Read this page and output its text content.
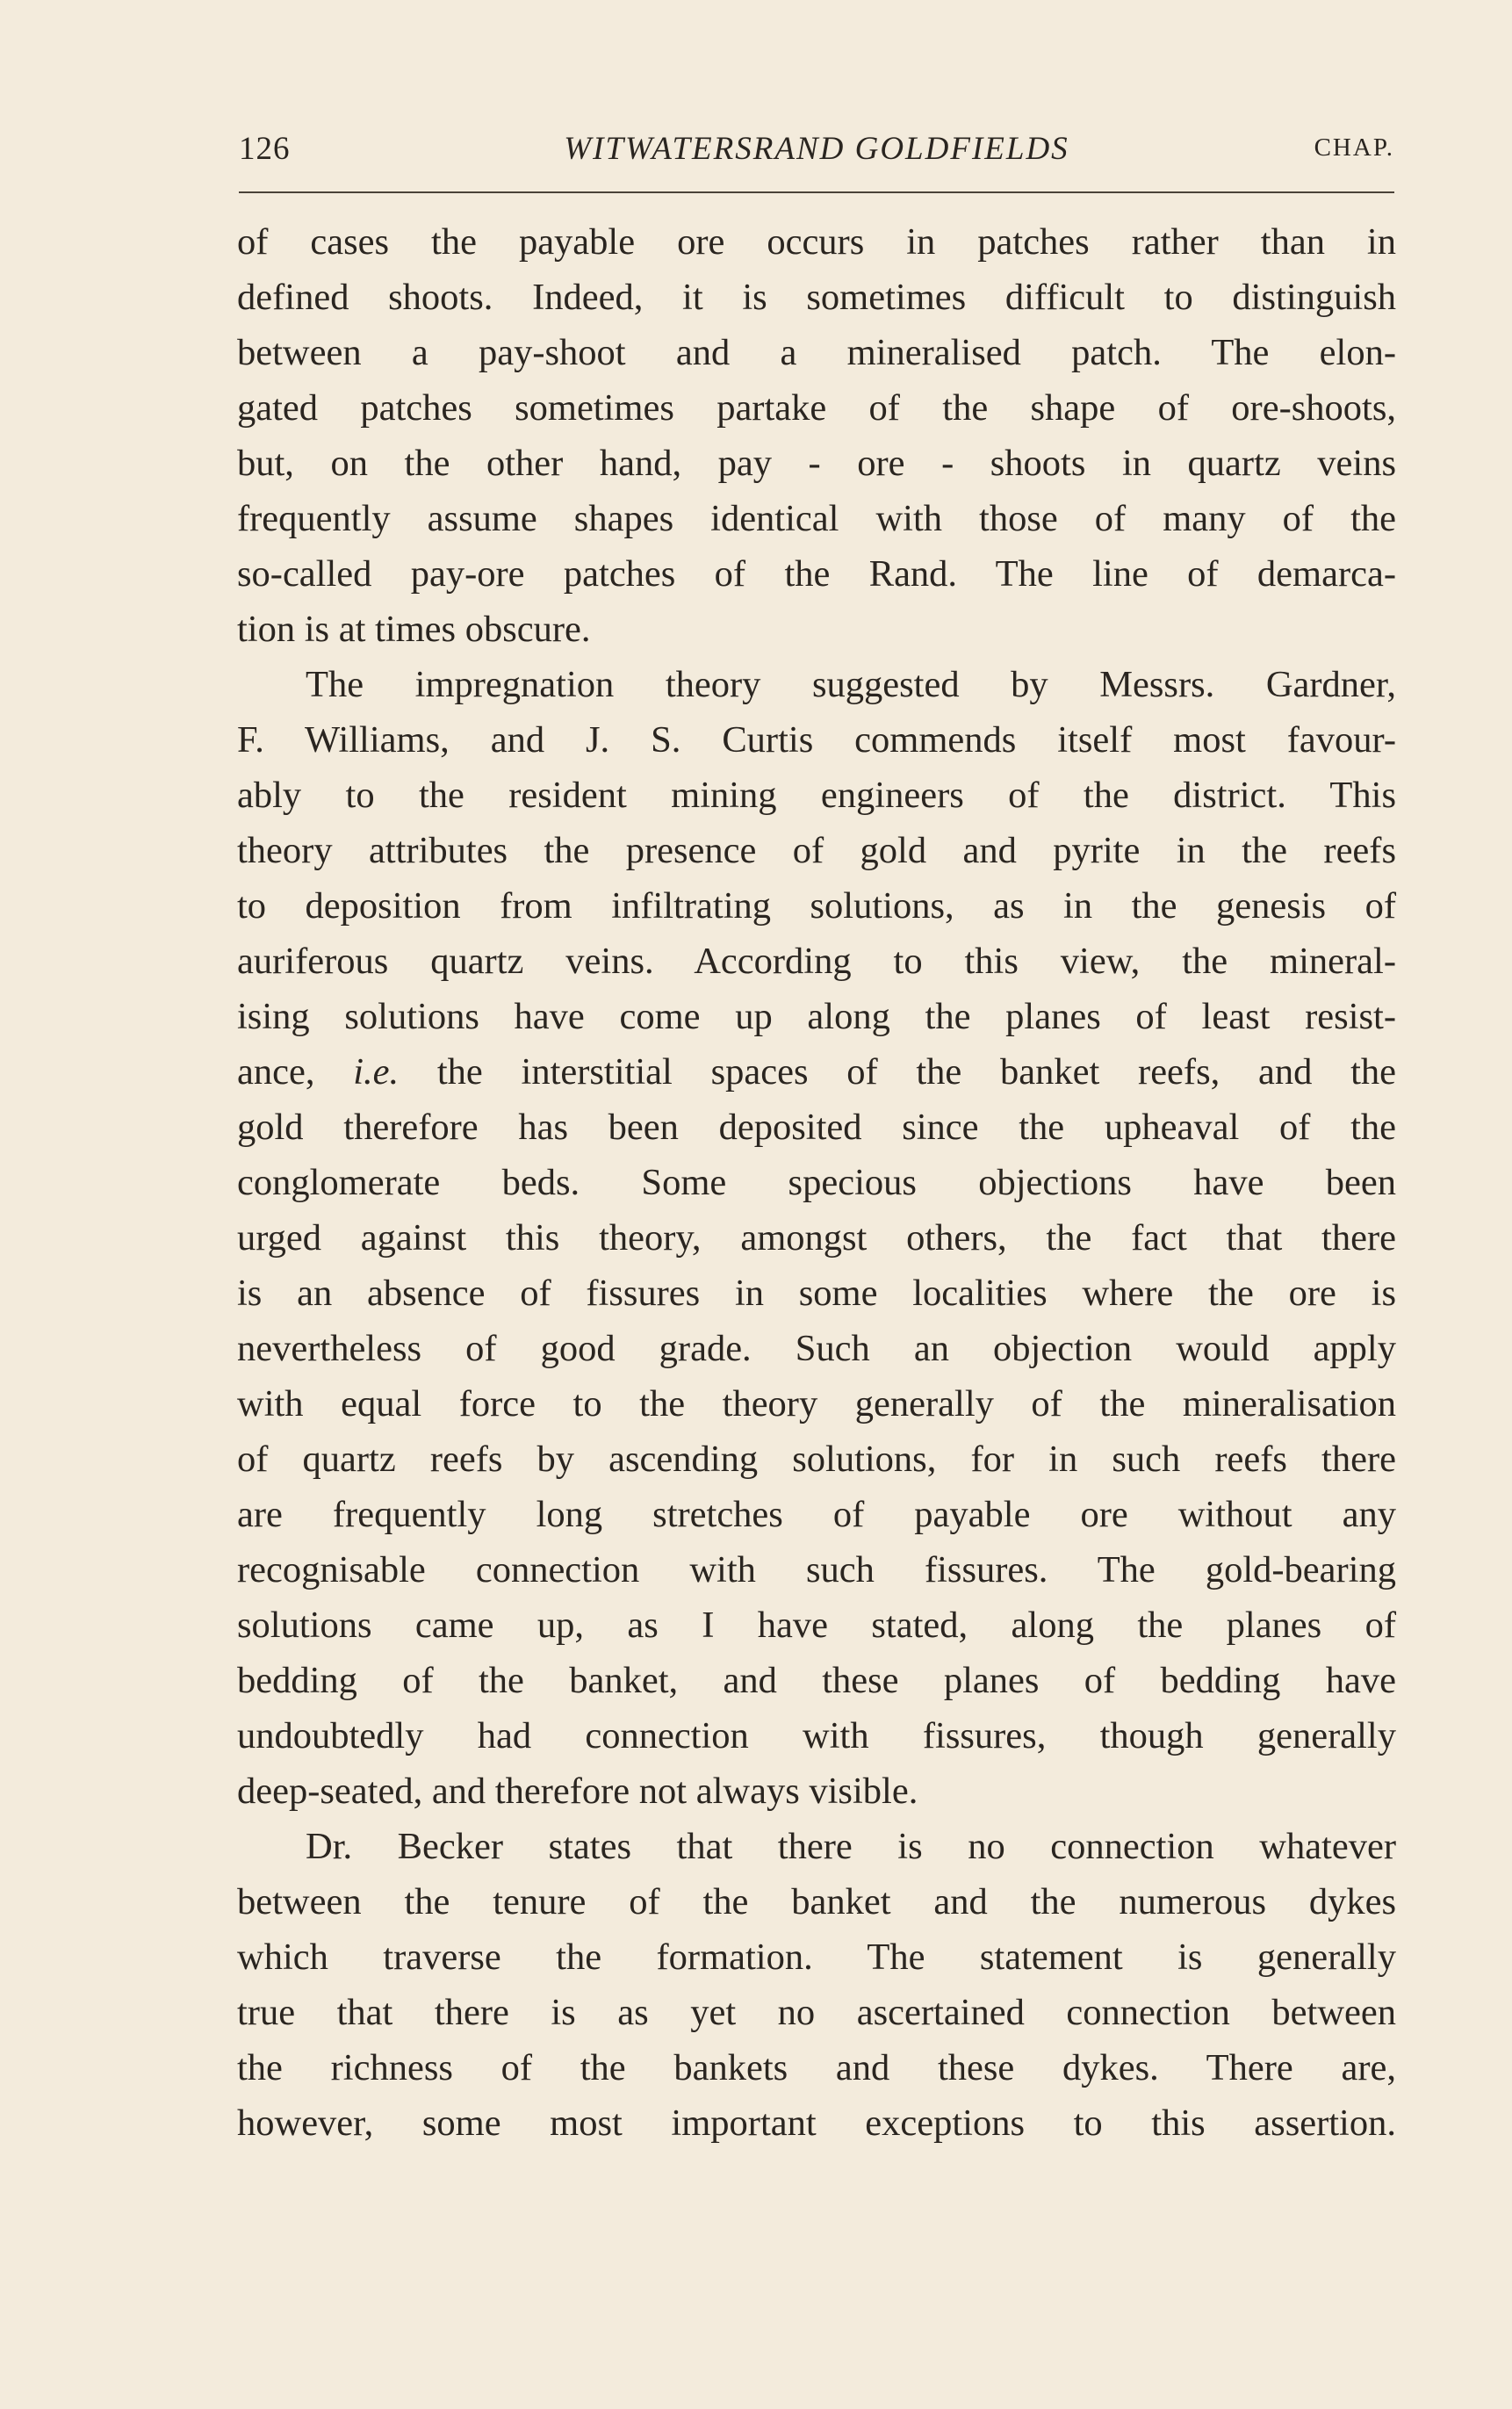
126	WITWATERSRAND GOLDFIELDS	CHAP.

of cases the payable ore occurs in patches rather than in
defined shoots. Indeed, it is sometimes difficult to distinguish
between a pay-shoot and a mineralised patch. The elon-
gated patches sometimes partake of the shape of ore-shoots,
but, on the other hand, pay - ore - shoots in quartz veins
frequently assume shapes identical with those of many of the
so-called pay-ore patches of the Rand. The line of demarca-
tion is at times obscure.

The impregnation theory suggested by Messrs. Gardner,
F. Williams, and J. S. Curtis commends itself most favour-
ably to the resident mining engineers of the district. This
theory attributes the presence of gold and pyrite in the reefs
to deposition from infiltrating solutions, as in the genesis of
auriferous quartz veins. According to this view, the mineral-
ising solutions have come up along the planes of least resist-
ance, i.e. the interstitial spaces of the banket reefs, and the
gold therefore has been deposited since the upheaval of the
conglomerate beds. Some specious objections have been
urged against this theory, amongst others, the fact that there
is an absence of fissures in some localities where the ore is
nevertheless of good grade. Such an objection would apply
with equal force to the theory generally of the mineralisation
of quartz reefs by ascending solutions, for in such reefs there
are frequently long stretches of payable ore without any
recognisable connection with such fissures. The gold-bearing
solutions came up, as I have stated, along the planes of
bedding of the banket, and these planes of bedding have
undoubtedly had connection with fissures, though generally
deep-seated, and therefore not always visible.

Dr. Becker states that there is no connection whatever
between the tenure of the banket and the numerous dykes
which traverse the formation. The statement is generally
true that there is as yet no ascertained connection between
the richness of the bankets and these dykes. There are,
however, some most important exceptions to this assertion.
